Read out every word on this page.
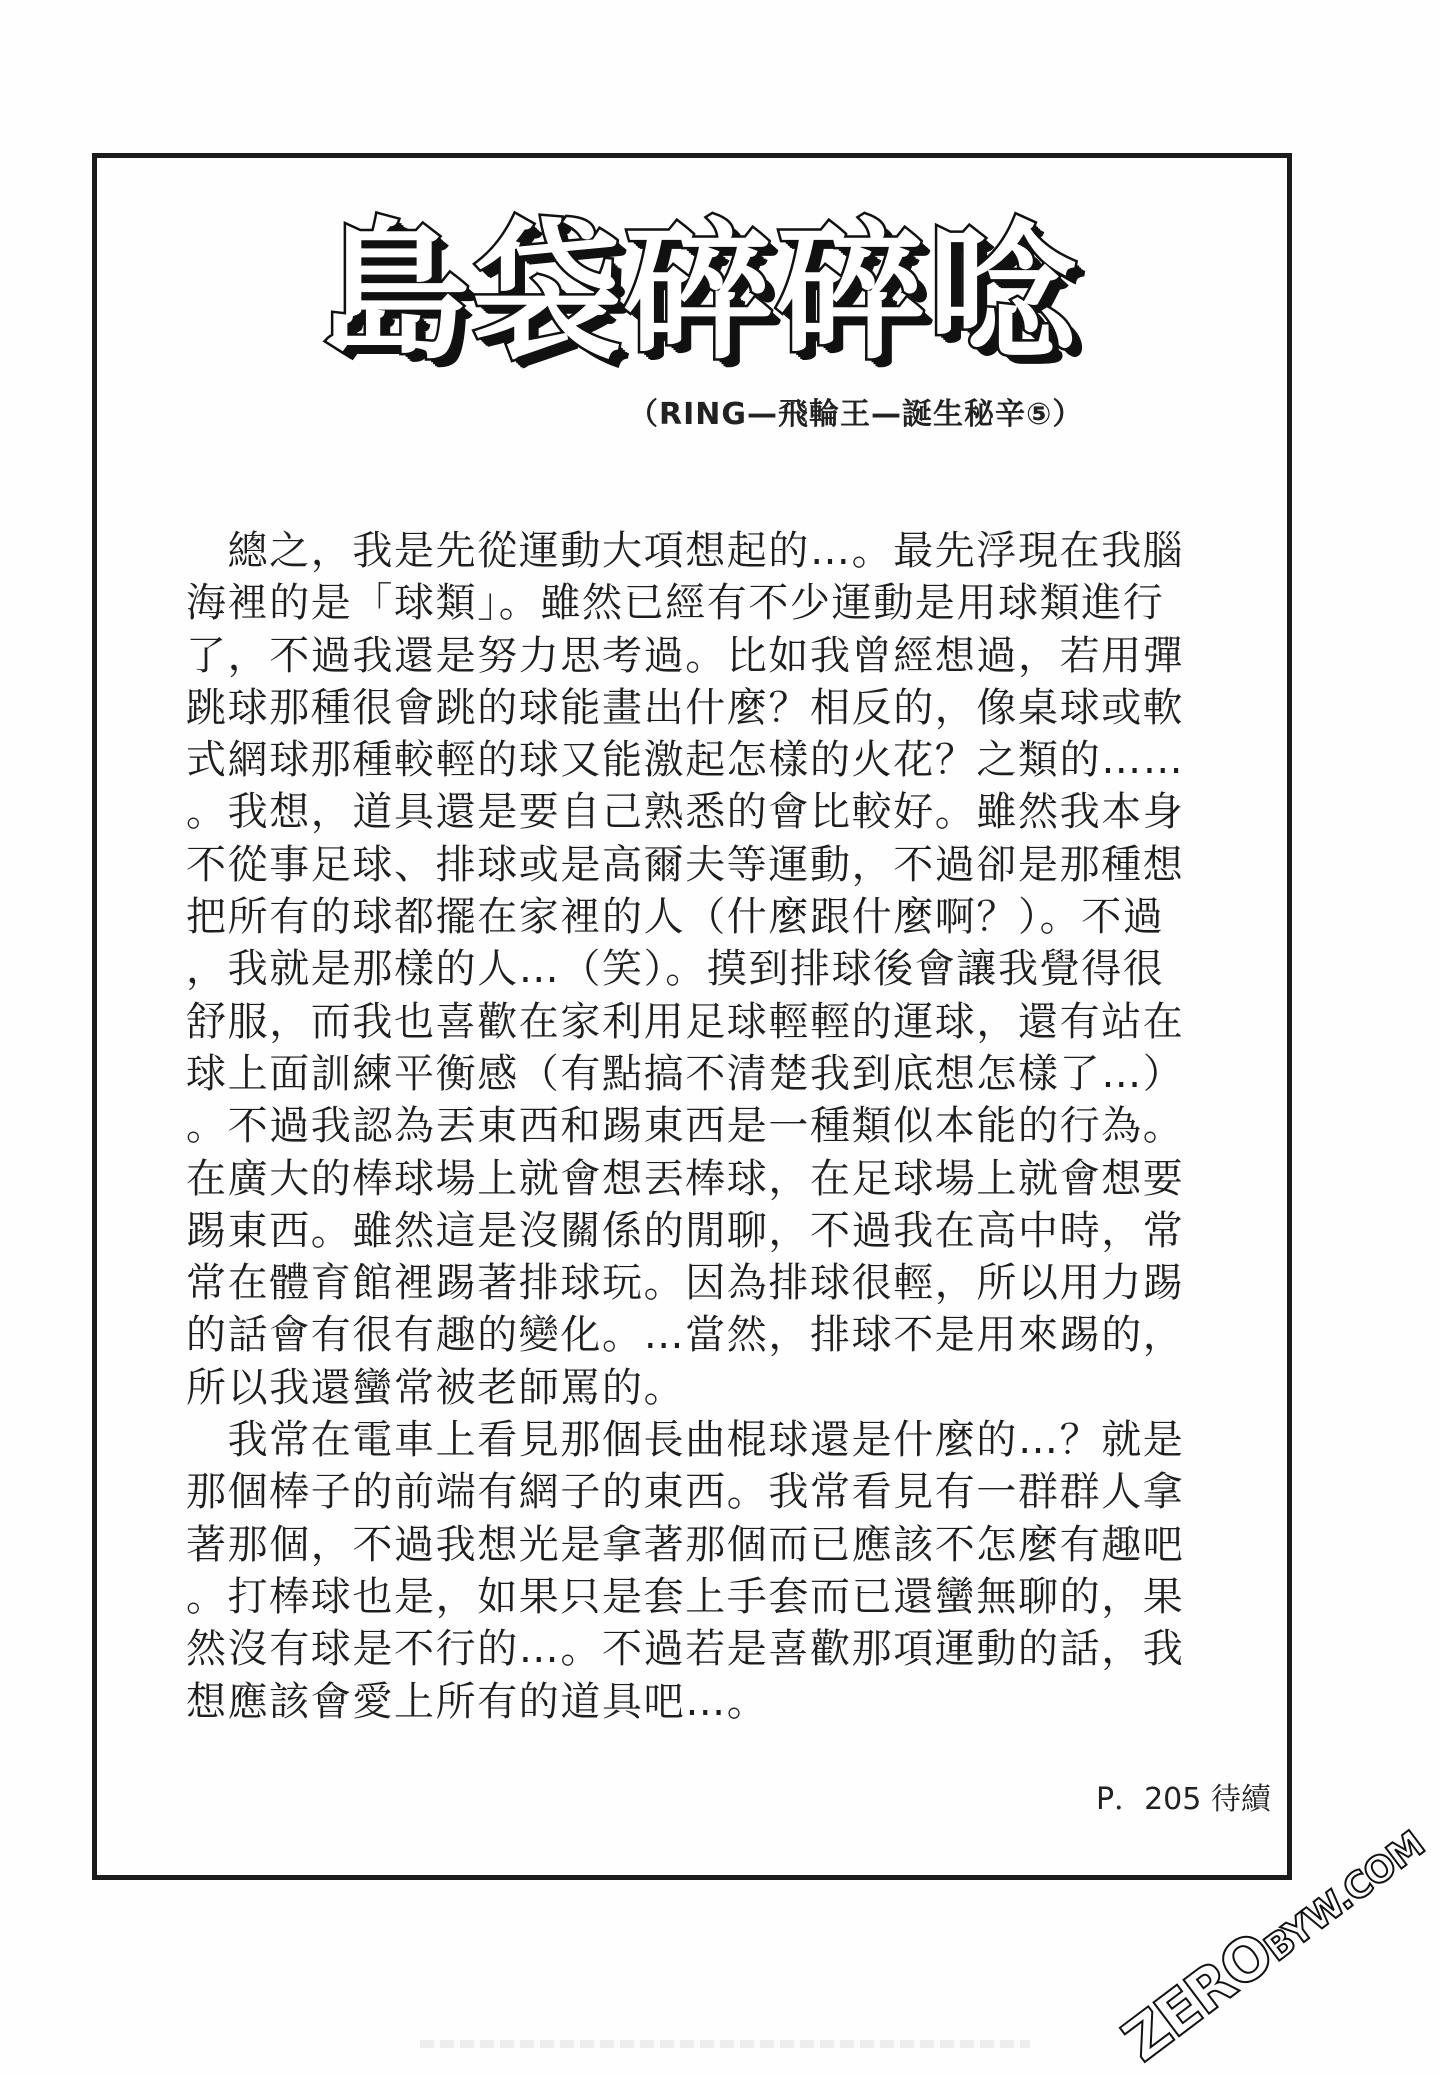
島袋碎碎唸
（RING—飛輪王—誕生秘辛⑤）
　總之，我是先從運動大項想起的…。最先浮現在我腦
海裡的是「球類」。雖然已經有不少運動是用球類進行
了，不過我還是努力思考過。比如我曾經想過，若用彈
跳球那種很會跳的球能畫出什麼？相反的，像桌球或軟
式網球那種較輕的球又能激起怎樣的火花？之類的……
。我想，道具還是要自己熟悉的會比較好。雖然我本身
不從事足球、排球或是高爾夫等運動，不過卻是那種想
把所有的球都擺在家裡的人（什麼跟什麼啊？）。不過
，我就是那樣的人…（笑）。摸到排球後會讓我覺得很
舒服，而我也喜歡在家利用足球輕輕的運球，還有站在
球上面訓練平衡感（有點搞不清楚我到底想怎樣了…）
。不過我認為丟東西和踢東西是一種類似本能的行為。
在廣大的棒球場上就會想丟棒球，在足球場上就會想要
踢東西。雖然這是沒關係的閒聊，不過我在高中時，常
常在體育館裡踢著排球玩。因為排球很輕，所以用力踢
的話會有很有趣的變化。…當然，排球不是用來踢的，
所以我還蠻常被老師罵的。
　我常在電車上看見那個長曲棍球還是什麼的…？就是
那個棒子的前端有網子的東西。我常看見有一群群人拿
著那個，不過我想光是拿著那個而已應該不怎麼有趣吧
。打棒球也是，如果只是套上手套而已還蠻無聊的，果
然沒有球是不行的…。不過若是喜歡那項運動的話，我
想應該會愛上所有的道具吧…。
P．205 待續
ZERO
BYW.COM
